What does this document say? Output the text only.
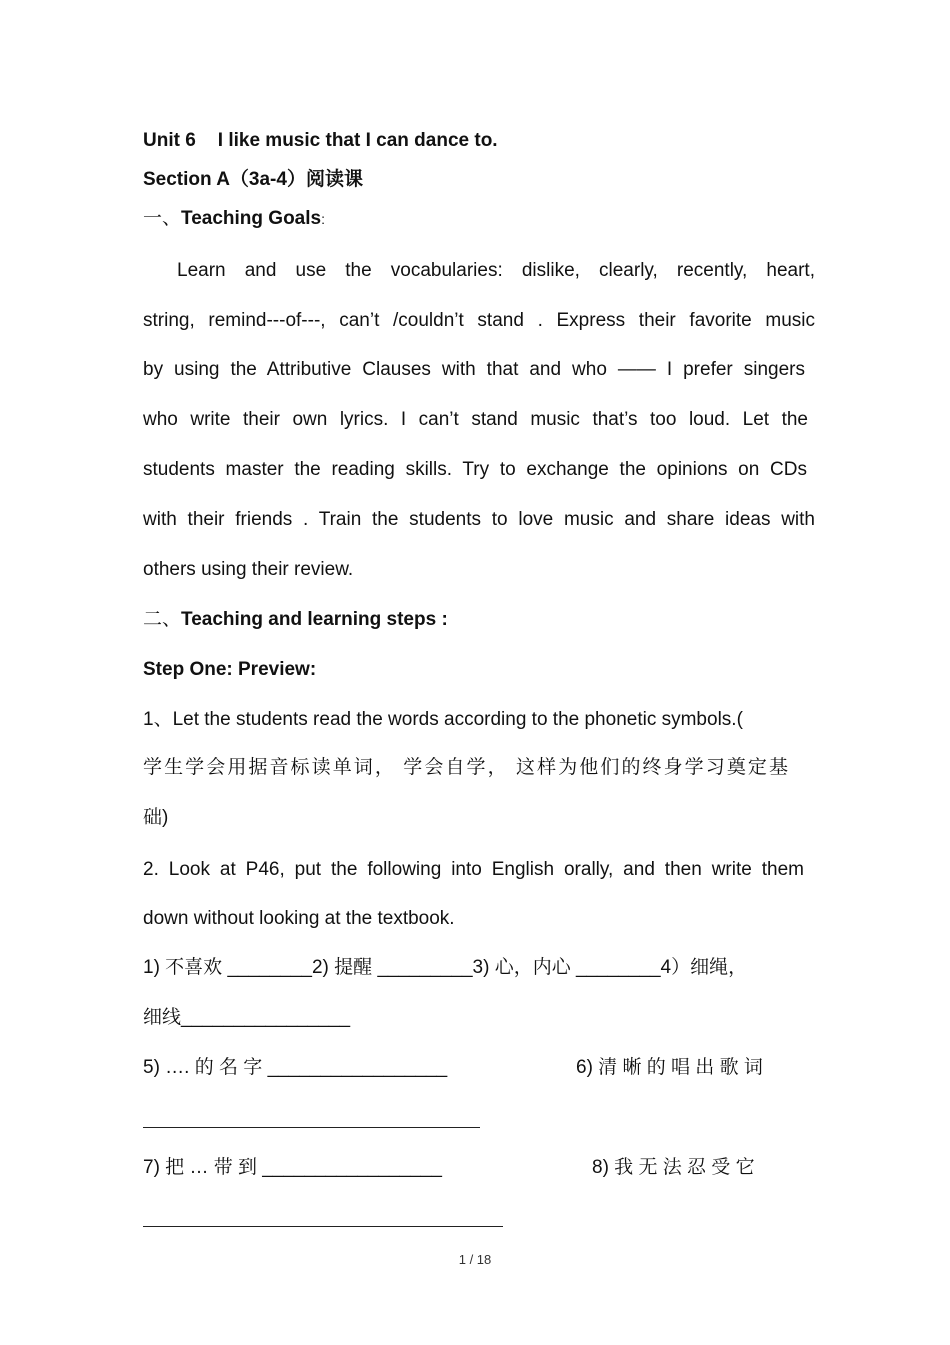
Unit 6 I like music that I can dance to.
Section A（3a-4）阅读课
一、Teaching Goals:
Learn and use the vocabularies: dislike, clearly, recently, heart,
string, remind---of---, can’t /couldn’t stand . Express their favorite music
by using the Attributive Clauses with that and who —— I prefer singers
who write their own lyrics. I can’t stand music that’s too loud. Let the
students master the reading skills. Try to exchange the opinions on CDs
with their friends . Train the students to love music and share ideas with
others using their review.
二、Teaching and learning steps :
Step One: Preview:
1、Let the students read the words according to the phonetic symbols.(
学生学会用据音标读单词， 学会自学， 这样为他们的终身学习奠定基
础)
2. Look at P46, put the following into English orally, and then write them
down without looking at the textbook.
1) 不喜欢 ________2) 提醒 _________3) 心，内心 ________4）细绳，
细线________________
5) …. 的 名 字 _________________	6) 清 晰 的 唱 出 歌 词
7) 把 … 带 到 _________________	8) 我 无 法 忍 受 它
1 / 18
